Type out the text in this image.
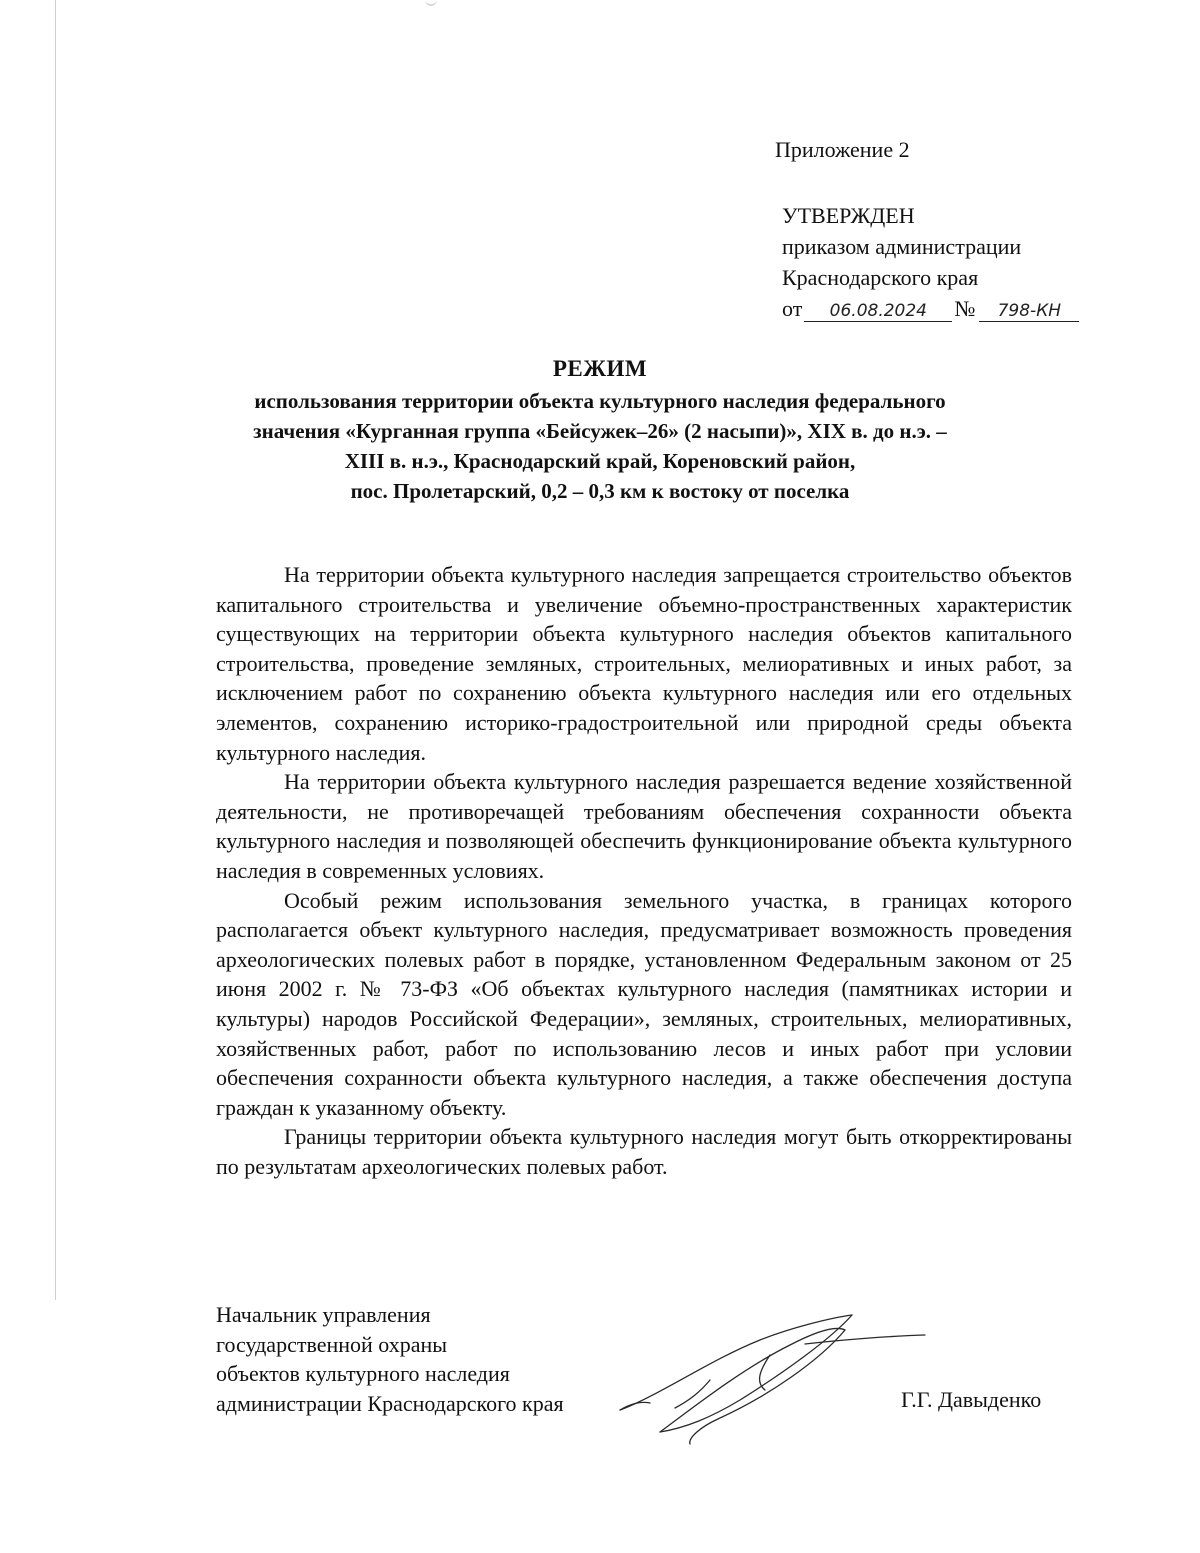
Приложение 2
УТВЕРЖДЕН
приказом администрации
Краснодарского края
от 06.08.2024 № 798-КН
РЕЖИМ
использования территории объекта культурного наследия федерального
значения «Курганная группа «Бейсужек–26» (2 насыпи)», XIX в. до н.э. –
XIII в. н.э., Краснодарский край, Кореновский район,
пос. Пролетарский, 0,2 – 0,3 км к востоку от поселка

На территории объекта культурного наследия запрещается строительство объектов капитального строительства и увеличение объемно-пространственных характеристик существующих на территории объекта культурного наследия объектов капитального строительства, проведение земляных, строительных, мелиоративных и иных работ, за исключением работ по сохранению объекта культурного наследия или его отдельных элементов, сохранению историко-градостроительной или природной среды объекта культурного наследия.

На территории объекта культурного наследия разрешается ведение хозяйственной деятельности, не противоречащей требованиям обеспечения сохранности объекта культурного наследия и позволяющей обеспечить функционирование объекта культурного наследия в современных условиях.

Особый режим использования земельного участка, в границах которого располагается объект культурного наследия, предусматривает возможность проведения археологических полевых работ в порядке, установленном Федеральным законом от 25 июня 2002 г. № 73-ФЗ «Об объектах культурного наследия (памятниках истории и культуры) народов Российской Федерации», земляных, строительных, мелиоративных, хозяйственных работ, работ по использованию лесов и иных работ при условии обеспечения сохранности объекта культурного наследия, а также обеспечения доступа граждан к указанному объекту.

Границы территории объекта культурного наследия могут быть откорректированы по результатам археологических полевых работ.

Начальник управления
государственной охраны
объектов культурного наследия
администрации Краснодарского края	Г.Г. Давыденко
